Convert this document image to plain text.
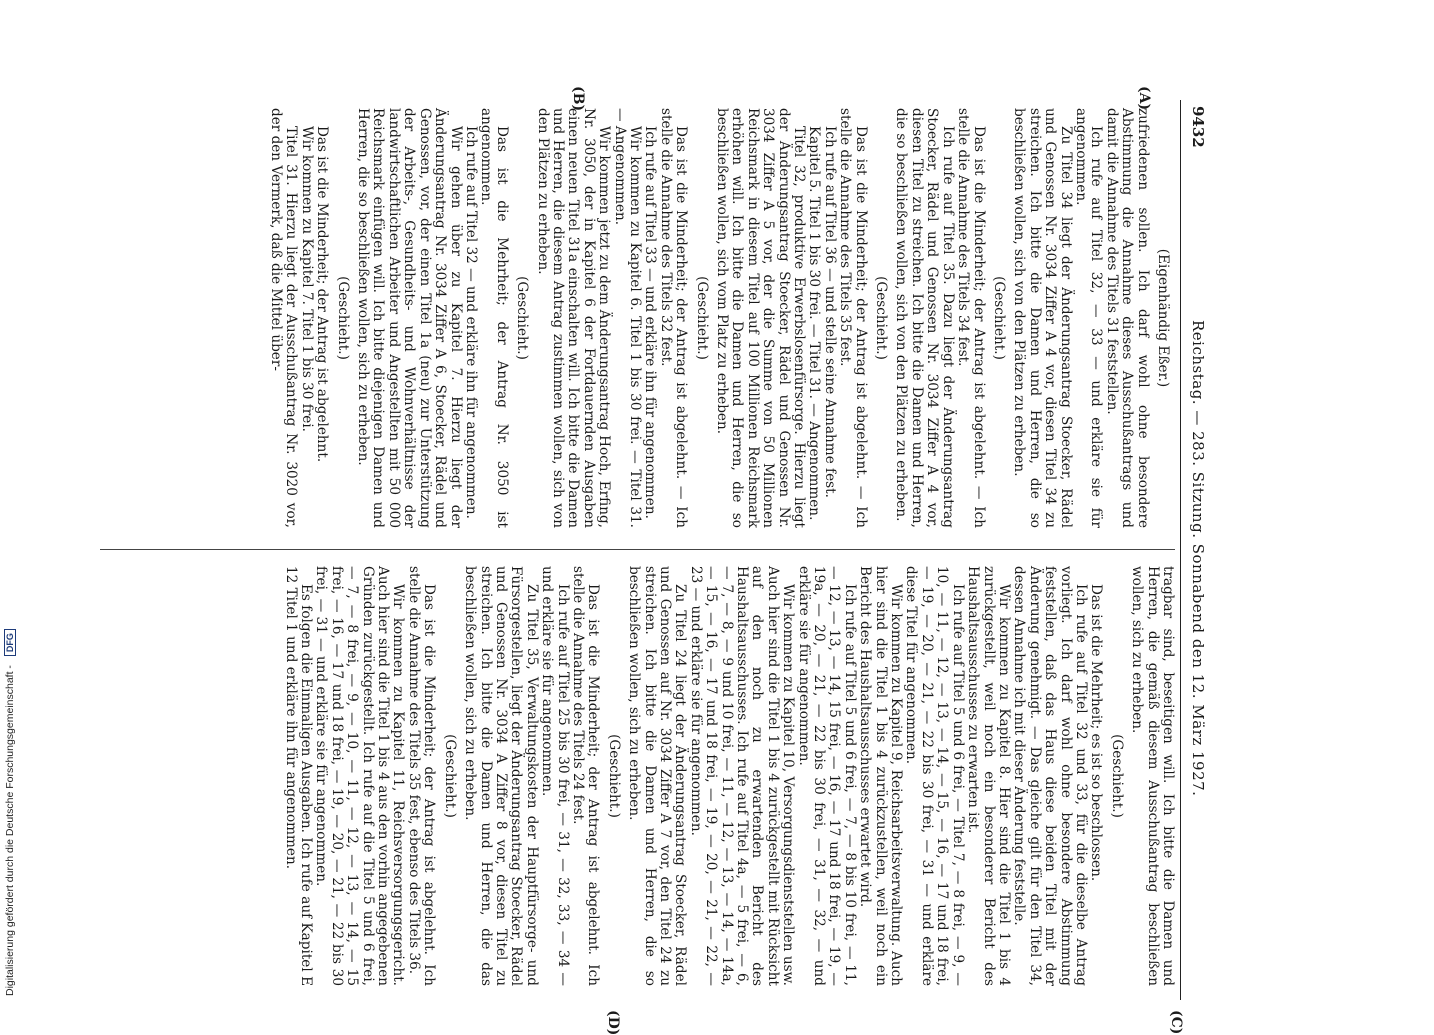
9432
Reichstag. — 283. Sitzung. Sonnabend den 12. März 1927.
(A)
(B)

(Eigenhändig Eßer.)

zufriedenen sollen. Ich darf wohl ohne besondere Abstimmung die Annahme dieses Ausschußantrags und damit die Annahme des Titels 31 feststellen.

Ich rufe auf Titel 32, — 33 — und erkläre sie für angenommen.

Zu Titel 34 liegt der Änderungsantrag Stoecker, Rädel und Genossen Nr. 3034 Ziffer A 4 vor, diesen Titel 34 zu streichen. Ich bitte die Damen und Herren, die so beschließen wollen, sich von den Plätzen zu erheben.

(Geschieht.)

Das ist die Minderheit; der Antrag ist abgelehnt. — Ich stelle die Annahme des Titels 34 fest.

Ich rufe auf Titel 35. Dazu liegt der Änderungsantrag Stoecker, Rädel und Genossen Nr. 3034 Ziffer A 4 vor, diesen Titel zu streichen. Ich bitte die Damen und Herren, die so beschließen wollen, sich von den Plätzen zu erheben.

(Geschieht.)

Das ist die Minderheit; der Antrag ist abgelehnt. — Ich stelle die Annahme des Titels 35 fest.

Ich rufe auf Titel 36 — und stelle seine Annahme fest.

Kapitel 5. Titel 1 bis 30 frei. — Titel 31. — Angenommen.

Titel 32, produktive Erwerbslosenfürsorge. Hierzu liegt der Änderungsantrag Stoecker, Rädel und Genossen Nr. 3034 Ziffer A 5 vor, der die Summe von 50 Millionen Reichsmark in diesem Titel auf 100 Millionen Reichsmark erhöhen will. Ich bitte die Damen und Herren, die so beschließen wollen, sich vom Platz zu erheben.

(Geschieht.)

Das ist die Minderheit; der Antrag ist abgelehnt. — Ich stelle die Annahme des Titels 32 fest.

Ich rufe auf Titel 33 — und erkläre ihn für angenommen.

Wir kommen zu Kapitel 6. Titel 1 bis 30 frei. — Titel 31. — Angenommen.

Wir kommen jetzt zu dem Änderungsantrag Hoch, Erfing, Nr. 3050, der in Kapitel 6 der Fortdauernden Ausgaben einen neuen Titel 31a einschalten will. Ich bitte die Damen und Herren, die diesem Antrag zustimmen wollen, sich von den Plätzen zu erheben.

(Geschieht.)

Das ist die Mehrheit; der Antrag Nr. 3050 ist angenommen.

Ich rufe auf Titel 32 — und erkläre ihn für angenommen.

Wir gehen über zu Kapitel 7. Hierzu liegt der Änderungsantrag Nr. 3034 Ziffer A 6, Stoecker, Rädel und Genossen, vor, der einen Titel 1a (neu) zur Unterstützung der Arbeits-, Gesundheits- und Wohnverhältnisse der landwirtschaftlichen Arbeiter und Angestellten mit 50 000 Reichsmark einfügen will. Ich bitte diejenigen Damen und Herren, die so beschließen wollen, sich zu erheben.

(Geschieht.)

Das ist die Minderheit; der Antrag ist abgelehnt.

Wir kommen zu Kapitel 7. Titel 1 bis 30 frei.

Titel 31. Hierzu liegt der Ausschußantrag Nr. 3020 vor, der den Vermerk, daß die Mittel über-

(C)
(D)

tragbar sind, beseitigen will. Ich bitte die Damen und Herren, die gemäß diesem Ausschußantrag beschließen wollen, sich zu erheben.

(Geschieht.)

Das ist die Mehrheit; es ist so beschlossen.

Ich rufe auf Titel 32 und 33, für die dieselbe Antrag vorliegt. Ich darf wohl ohne besondere Abstimmung feststellen, daß das Haus diese beiden Titel mit der Änderung genehmigt. — Das gleiche gilt für den Titel 34, dessen Annahme ich mit dieser Änderung feststelle.

Wir kommen zu Kapitel 8. Hier sind die Titel 1 bis 4 zurückgestellt, weil noch ein besonderer Bericht des Haushaltsausschusses zu erwarten ist.

Ich rufe auf Titel 5 und 6 frei, — Titel 7, — 8 frei, — 9, — 10, — 11, — 12, — 13, — 14, — 15, — 16, — 17 und 18 frei, — 19, — 20, — 21, — 22 bis 30 frei, — 31 — und erkläre diese Titel für angenommen.

Wir kommen zu Kapitel 9, Reichsarbeitsverwaltung. Auch hier sind die Titel 1 bis 4 zurückzustellen, weil noch ein Bericht des Haushaltsausschusses erwartet wird.

Ich rufe auf Titel 5 und 6 frei, — 7, — 8 bis 10 frei, — 11, — 12, — 13, — 14, 15 frei, — 16, — 17 und 18 frei, — 19, — 19a, — 20, — 21, — 22 bis 30 frei, — 31, — 32, — und erkläre sie für angenommen.

Wir kommen zu Kapitel 10, Versorgungsdienststellen usw. Auch hier sind die Titel 1 bis 4 zurückgestellt mit Rücksicht auf den noch zu erwartenden Bericht des Haushaltsausschusses. Ich rufe auf Titel 4a, — 5 frei, — 6, — 7, — 8, — 9 und 10 frei, — 11, — 12, — 13, — 14, — 14a, — 15, — 16, — 17 und 18 frei, — 19, — 20, — 21, — 22, — 23 — und erkläre sie für angenommen.

Zu Titel 24 liegt der Änderungsantrag Stoecker, Rädel und Genossen auf Nr. 3034 Ziffer A 7 vor, den Titel 24 zu streichen. Ich bitte die Damen und Herren, die so beschließen wollen, sich zu erheben.

(Geschieht.)

Das ist die Minderheit; der Antrag ist abgelehnt. Ich stelle die Annahme des Titels 24 fest.

Ich rufe auf Titel 25 bis 30 frei, — 31, — 32, 33, — 34 — und erkläre sie für angenommen.

Zu Titel 35, Verwaltungskosten der Hauptfürsorge- und Fürsorgestellen, liegt der Änderungsantrag Stoecker, Rädel und Genossen Nr. 3034 A Ziffer 8 vor, diesen Titel zu streichen. Ich bitte die Damen und Herren, die das beschließen wollen, sich zu erheben.

(Geschieht.)

Das ist die Minderheit; der Antrag ist abgelehnt. Ich stelle die Annahme des Titels 35 fest, ebenso des Titels 36.

Wir kommen zu Kapitel 11, Reichsversorgungsgericht. Auch hier sind die Titel 1 bis 4 aus den vorhin angegebenen Gründen zurückgestellt. Ich rufe auf die Titel 5 und 6 frei, — 7, — 8 frei, — 9, — 10, — 11, — 12, — 13, — 14, — 15 frei, — 16, — 17 und 18 frei, — 19, — 20, — 21, — 22 bis 30 frei, — 31 — und erkläre sie für angenommen.

Es folgen die Einmaligen Ausgaben. Ich rufe auf Kapitel E 12 Titel 1 und erkläre ihn für angenommen.

Digitalisierung gefördert durch die Deutsche Forschungsgemeinschaft - DFG
